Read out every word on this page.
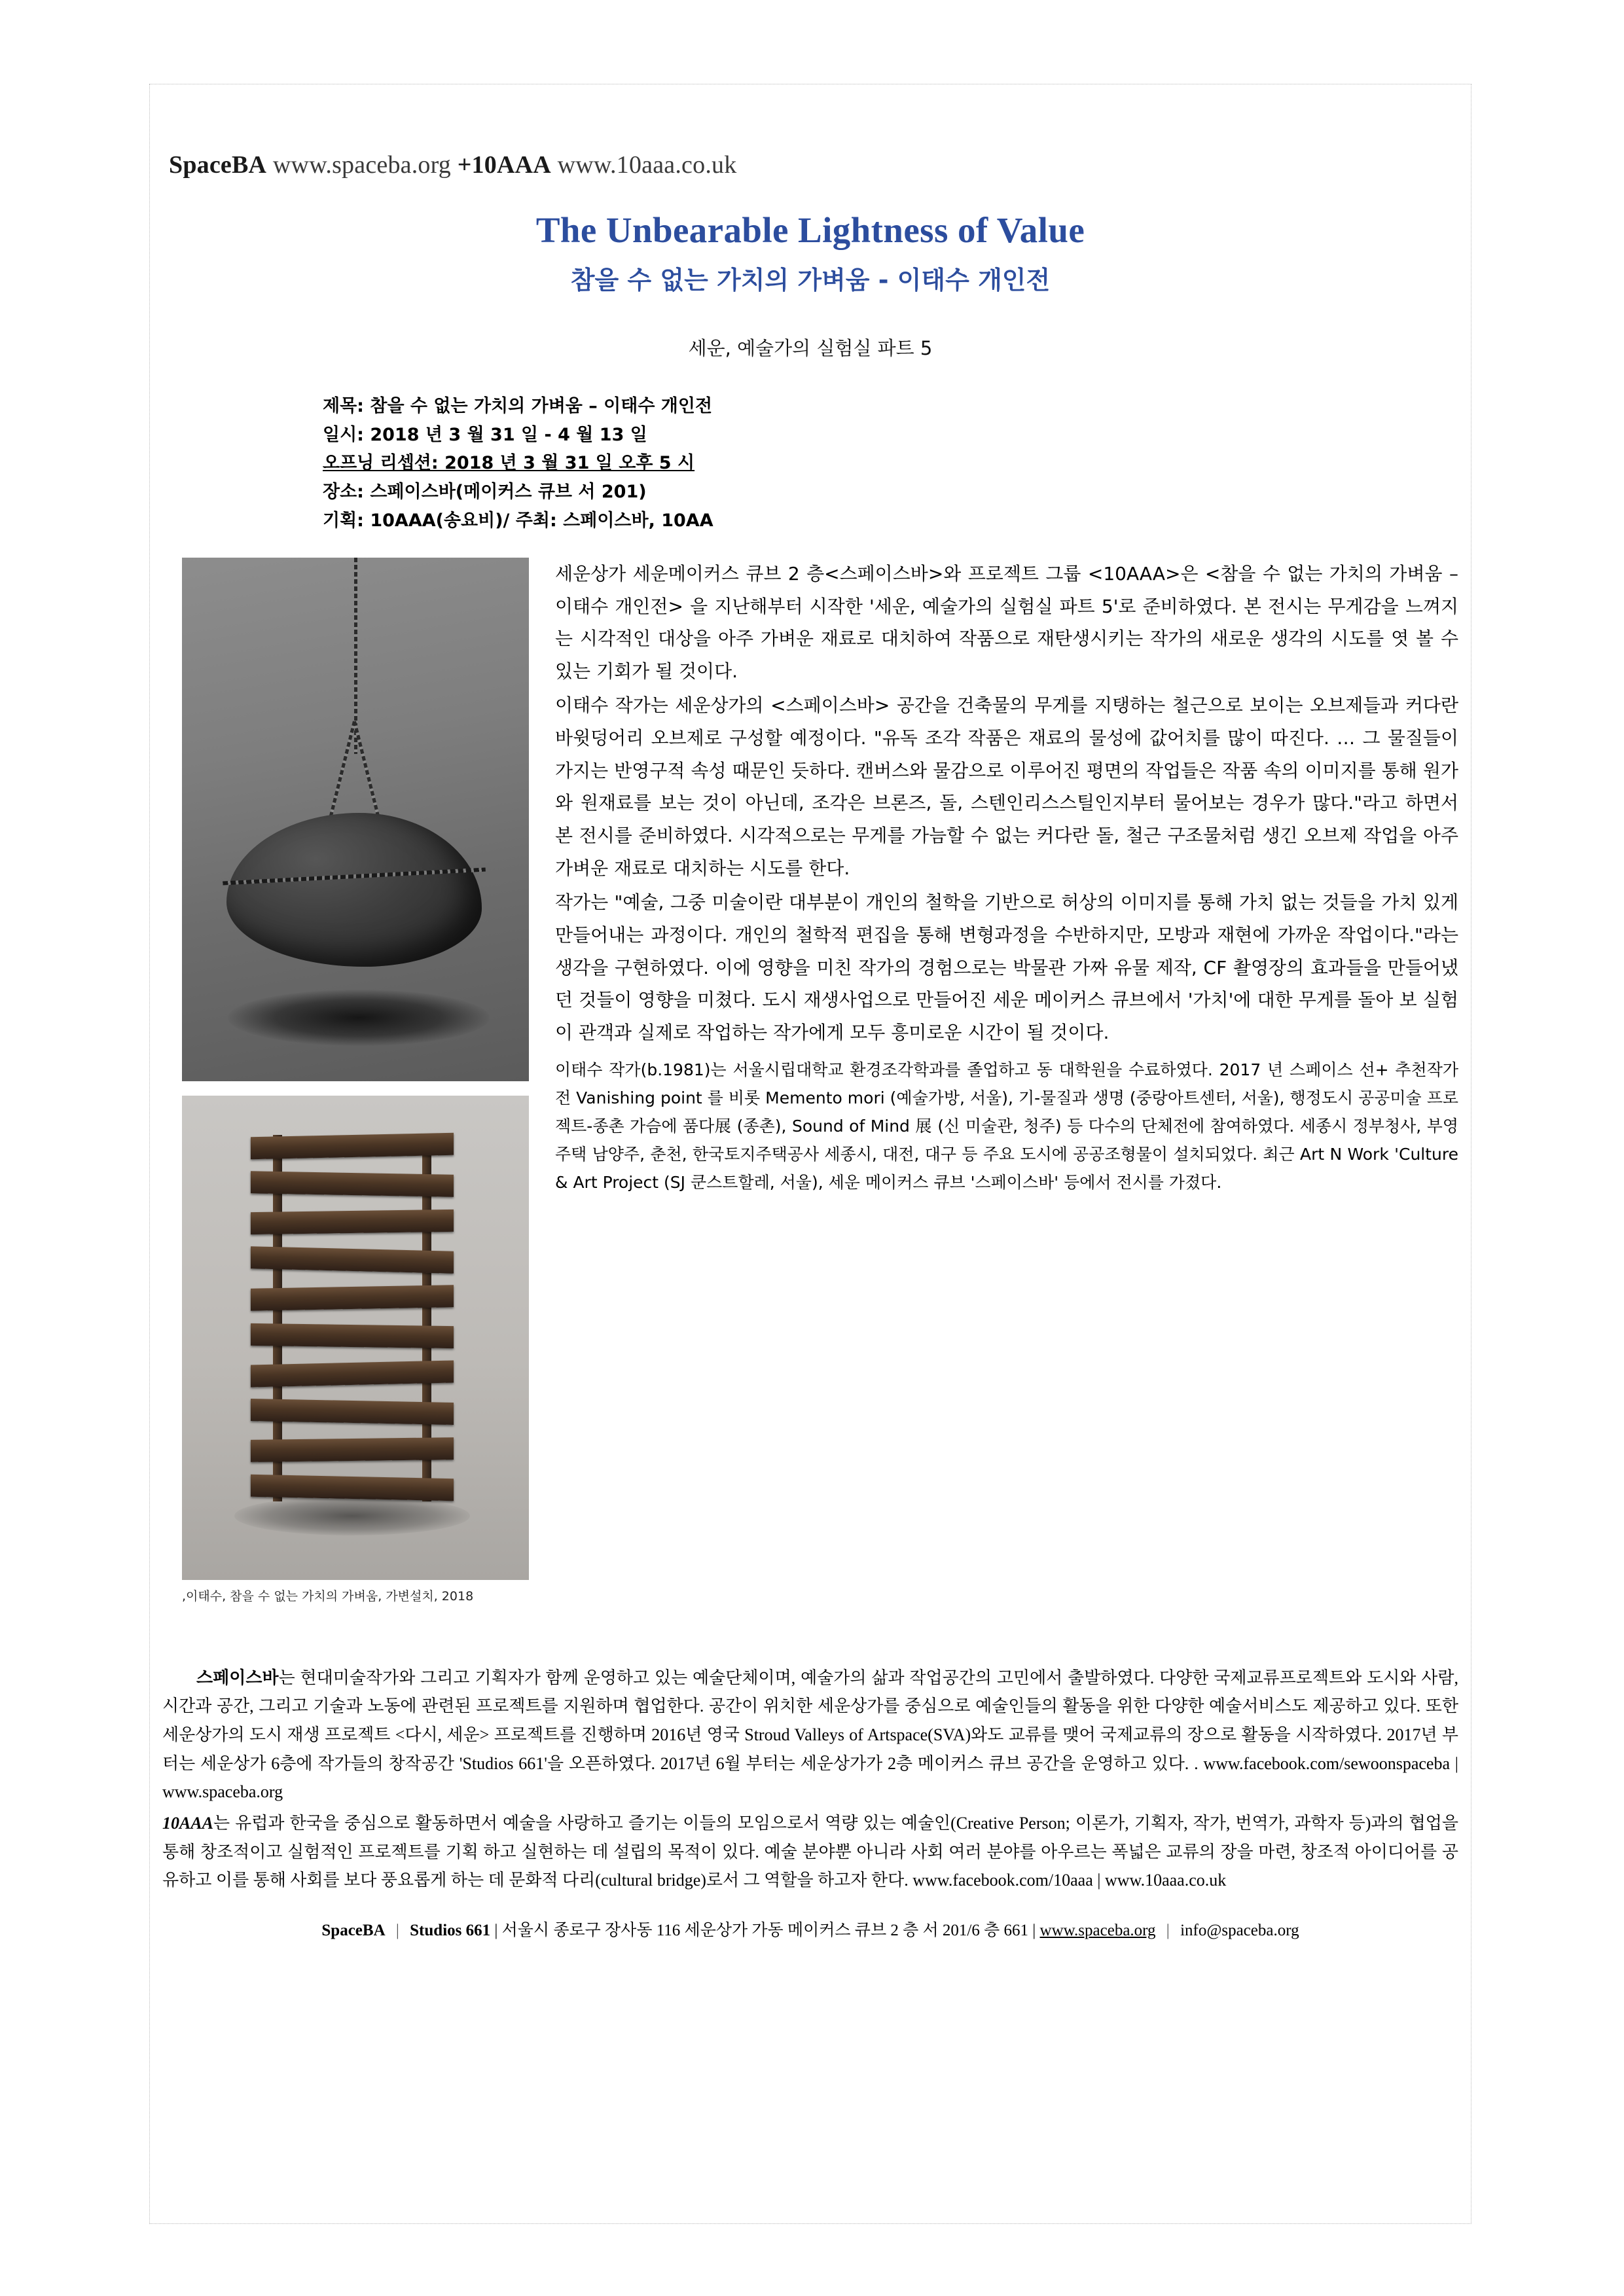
SpaceBA www.spaceba.org +10AAA www.10aaa.co.uk
The Unbearable Lightness of Value
참을 수 없는 가치의 가벼움 - 이태수 개인전
세운, 예술가의 실험실 파트 5
제목: 참을 수 없는 가치의 가벼움 – 이태수 개인전
일시: 2018 년 3 월 31 일 - 4 월 13 일
오프닝 리셉션: 2018 년 3 월 31 일 오후 5 시
장소: 스페이스바(메이커스 큐브 서 201)
기획: 10AAA(송요비)/ 주최: 스페이스바, 10AA
,이태수, 참을 수 없는 가치의 가벼움, 가변설치, 2018

세운상가 세운메이커스 큐브 2 층<스페이스바>와 프로젝트 그룹 <10AAA>은 <참을 수 없는 가치의 가벼움 – 이태수 개인전> 을 지난해부터 시작한 '세운, 예술가의 실험실 파트 5'로 준비하였다. 본 전시는 무게감을 느껴지는 시각적인 대상을 아주 가벼운 재료로 대치하여 작품으로 재탄생시키는 작가의 새로운 생각의 시도를 엿 볼 수 있는 기회가 될 것이다.

이태수 작가는 세운상가의 <스페이스바> 공간을 건축물의 무게를 지탱하는 철근으로 보이는 오브제들과 커다란 바윗덩어리 오브제로 구성할 예정이다. "유독 조각 작품은 재료의 물성에 값어치를 많이 따진다. … 그 물질들이 가지는 반영구적 속성 때문인 듯하다. 캔버스와 물감으로 이루어진 평면의 작업들은 작품 속의 이미지를 통해 원가와 원재료를 보는 것이 아닌데, 조각은 브론즈, 돌, 스텐인리스스틸인지부터 물어보는 경우가 많다."라고 하면서 본 전시를 준비하였다. 시각적으로는 무게를 가늠할 수 없는 커다란 돌, 철근 구조물처럼 생긴 오브제 작업을 아주 가벼운 재료로 대치하는 시도를 한다.

작가는 "예술, 그중 미술이란 대부분이 개인의 철학을 기반으로 허상의 이미지를 통해 가치 없는 것들을 가치 있게 만들어내는 과정이다. 개인의 철학적 편집을 통해 변형과정을 수반하지만, 모방과 재현에 가까운 작업이다."라는 생각을 구현하였다. 이에 영향을 미친 작가의 경험으로는 박물관 가짜 유물 제작, CF 촬영장의 효과들을 만들어냈던 것들이 영향을 미쳤다. 도시 재생사업으로 만들어진 세운 메이커스 큐브에서 '가치'에 대한 무게를 돌아 보 실험이 관객과 실제로 작업하는 작가에게 모두 흥미로운 시간이 될 것이다.

이태수 작가(b.1981)는 서울시립대학교 환경조각학과를 졸업하고 동 대학원을 수료하였다. 2017 년 스페이스 선+ 추천작가전 Vanishing point 를 비롯 Memento mori (예술가방, 서울), 기-물질과 생명 (중랑아트센터, 서울), 행정도시 공공미술 프로젝트-종촌 가슴에 품다展 (종촌), Sound of Mind 展 (신 미술관, 청주) 등 다수의 단체전에 참여하였다. 세종시 정부청사, 부영주택 남양주, 춘천, 한국토지주택공사 세종시, 대전, 대구 등 주요 도시에 공공조형물이 설치되었다. 최근 Art N Work 'Culture & Art Project (SJ 쿤스트할레, 서울), 세운 메이커스 큐브 '스페이스바' 등에서 전시를 가졌다.

스페이스바는 현대미술작가와 그리고 기획자가 함께 운영하고 있는 예술단체이며, 예술가의 삶과 작업공간의 고민에서 출발하였다. 다양한 국제교류프로젝트와 도시와 사람, 시간과 공간, 그리고 기술과 노동에 관련된 프로젝트를 지원하며 협업한다. 공간이 위치한 세운상가를 중심으로 예술인들의 활동을 위한 다양한 예술서비스도 제공하고 있다. 또한 세운상가의 도시 재생 프로젝트 <다시, 세운> 프로젝트를 진행하며 2016년 영국 Stroud Valleys of Artspace(SVA)와도 교류를 맺어 국제교류의 장으로 활동을 시작하였다. 2017년 부터는 세운상가 6층에 작가들의 창작공간 'Studios 661'을 오픈하였다. 2017년 6월 부터는 세운상가가 2층 메이커스 큐브 공간을 운영하고 있다. . www.facebook.com/sewoonspaceba | www.spaceba.org

10AAA는 유럽과 한국을 중심으로 활동하면서 예술을 사랑하고 즐기는 이들의 모임으로서 역량 있는 예술인(Creative Person; 이론가, 기획자, 작가, 번역가, 과학자 등)과의 협업을 통해 창조적이고 실험적인 프로젝트를 기획 하고 실현하는 데 설립의 목적이 있다. 예술 분야뿐 아니라 사회 여러 분야를 아우르는 폭넓은 교류의 장을 마련, 창조적 아이디어를 공 유하고 이를 통해 사회를 보다 풍요롭게 하는 데 문화적 다리(cultural bridge)로서 그 역할을 하고자 한다. www.facebook.com/10aaa | www.10aaa.co.uk

SpaceBA | Studios 661 | 서울시 종로구 장사동 116 세운상가 가동 메이커스 큐브 2 층 서 201/6 층 661 | www.spaceba.org | info@spaceba.org
